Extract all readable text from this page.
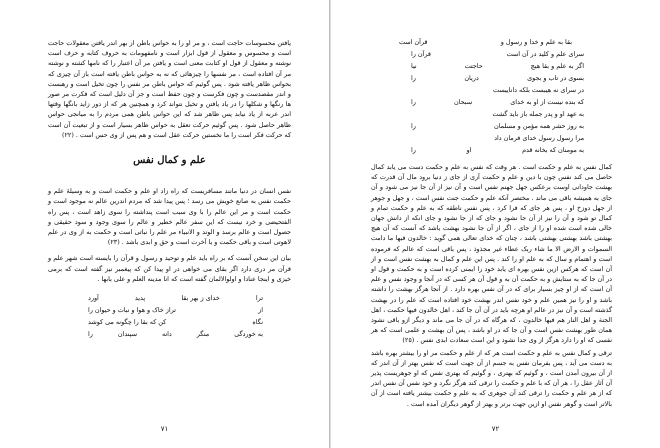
یافتن محسوسات حاجت است ، و مر او را به حواس باطن از بهر اندر یافتن معقولات حاجت است و محسوس و معقول از قول ابزار است و نامفهومات به حروف کتابه و حرف است نوشته و معقول از قول او کتابت معنی است و یافتن مر آن اعتبار را که نامها کشته و نوشته مر آن افتاده است ، مر نفسها را چیزهائی که نه به حواس باطن یافته است باز آن چیزی که بحواس ظاهر یافته شود . پس گوئیم که حواس باطن مر نفس را چون تخیل است و رهبست و اندر مقصدست و چون فکرست و چون حفظ است و جز آن دلیل است که فکرت مر صور ها رنگها و شکلها را در یاد یافتن و تخیل نتواند کرد و همچنین هر که از دور زاید بانگها وقتها اندر عربه از یاد نیابد پس ظاهر شد که این حواس باطن همی مردم را به میانجی حواس ظاهر حاصل شود . پس گوئیم حرکت تعقل به حواس ظاهر بسیار است و از تبعیت آن است که حرکت فکر است را ما نخستین حرکت عقل است و هم پس از وی حس است . (٢٢)

علم و کمال نفس

نفس انسان در دنیا مانند مسافریست که راه زاد او علم و حکمت است و به وسیلهٔ علم و حکمت نفس به صانع خویش می رسد ؛ پس پیدا شد که مردم اندرین عالم نه موجود است و حکمت است و مر این عالم را با وی سبب است پنداشته را سوی زاهد است ، پس راه الفتحیضی و خرد نیست که این سفر عالم خطیر و عالم را سوی وجود و سود حقیقی و حصول است و عالم برسد و الوند و الانبیاء مر علم را نباتی است و حکمت به از وی در علم لاهوتی است و باقی حکمت و یا آخرت است و حق و ابدی باشد . (٢٣)

بیان این سخن آنست که بر راه باید علم و توحید و رسول و قرآن را بایسته است شهر علم و قرآن مر دری دارد اگر بقای می خواهی در او پیدا کن که پیغمبر نیز گفته است که برمی خیزی و اینجا عنادا و اولوالالمان گفته است که انا مدینه العلم و علی بابها .

ترا
خدای ز بهر بقا
پدید
آورد
از
تراز خاک و هوا و نبات و حیوان را
نگاه
کن که بقا را چگونه می کوشد
به خوردگی
منگر
دانه
سپندان
را
٧١
بقا به علم و خدا و رسول و
قرآن است
سرای علم و کلید در آن است
قرآن را
اگر به علم و بقا هیچ
حاجتت
نیا
بسوی در تاب و بجوی
دریان
را
در سرای نه هیبست بلکه داناییست
که بنده نیست از او به خدای
سبحان
را
به عهد او و پدر جمله باز باید گشت
به روز حشر همه مؤمن و مسلمان
را
مرا رسول رسول خدای فرمان داد
به مومنان که بخانه قدم
او
را

کمال نفس به علم و حکمت است . هر وقت که نفس به علم و حکمت دست می یابد کمال حاصل می کند نفس چون با دین و علم و حکمت آری از جای ز دنیا برود مال آن قدرت که بهشت جاودانی اوست برعکس جهل جهنم نفس است و آن نیز از آن جا نیز می شود و آن جای به همیشه باقی می ماند . مختصر آنکه علم و حکمت جنت نفس است ، و جهل و جوهر از جهل دوزخ او ، پس هر جای که فرا کرد ، پس نفس ناطقه که به علم و حکمت تمام و کمال تو شود و آن را نیز از آن جا نشود و جای که از جا نشود و جای انکه از دانش جهان خالی شده است شده او را از جای ، اگر از آن جا نشود بهشت باشد که آنست که آن هیچ بهشتی باشد بهشتی بهشتی باشد ، چنان که خدای تعالی همی گوید : خالدون فیها ما دامت السموات و الارض الا ما شاء ربک عطاء غیر مجذوذ ، پس باقی است که عالم که فرموده است و اهتمام و سال که به علم او را کند . پس این علم و کمال به بهشت نفس است و از آن است که هرکس ازین نفس بهره ای یابد خود را ایمنی کرده است و به حکمت و قول او در آن جا که به ستایش و به حکمت آن به و قول آن هر کسی که در آنجا و وجود نفس و علم آن است که از او چیز بسیار برای که در آن نفس بهره دارد . از آنجا هرگز بهشت را داشته باشد و او را نیز همین علم و خود نفس اندر بهشت خود افتاده است که علم را در بهشت گذشته است و آن نیز در عالم او هرچه باید در آن آن جا کند ، اهل خالدون فیها حکمت ، اهل الجنة و اهل النار هم فیها خالدون ، که هرگاه که در آن جا می ماند و دیگر ازو باقی نشود همان طور بهشت نفس است و آن جا که در او باشد ، پس آن بهشت و علمی است که هر نفسی که او را دارد هرگز از وی جدا نشود و این است سعادت ابدی نفس . (٢٥)

ترقی و کمال نفس به علم و حکمت است هر که از علم و حکمت مر او را بیشتر بهره باشد به دست می آید ، پس بفرمان نفس به جسم از آن جهت است که نفس بهتر از آن اندر که از آن بیرون آمدن است ، و گوئیم که بهتری ، و گوئیم که بهتری نفس که او جوهریست پذیر آن آثار عقل را ، هر آن که با علم و حکمت را ترقی کند هرگز نگرد و خود نفس آن نفس اندر که از هر علم و حکمت را ترقی کند آن جوهری که به علم و حکمت بیشتر یافته است از آن بالاتر است و گوهر نفس او ازین جهت برتر و بهتر از گوهر دیگران آمده است .

٧٢
